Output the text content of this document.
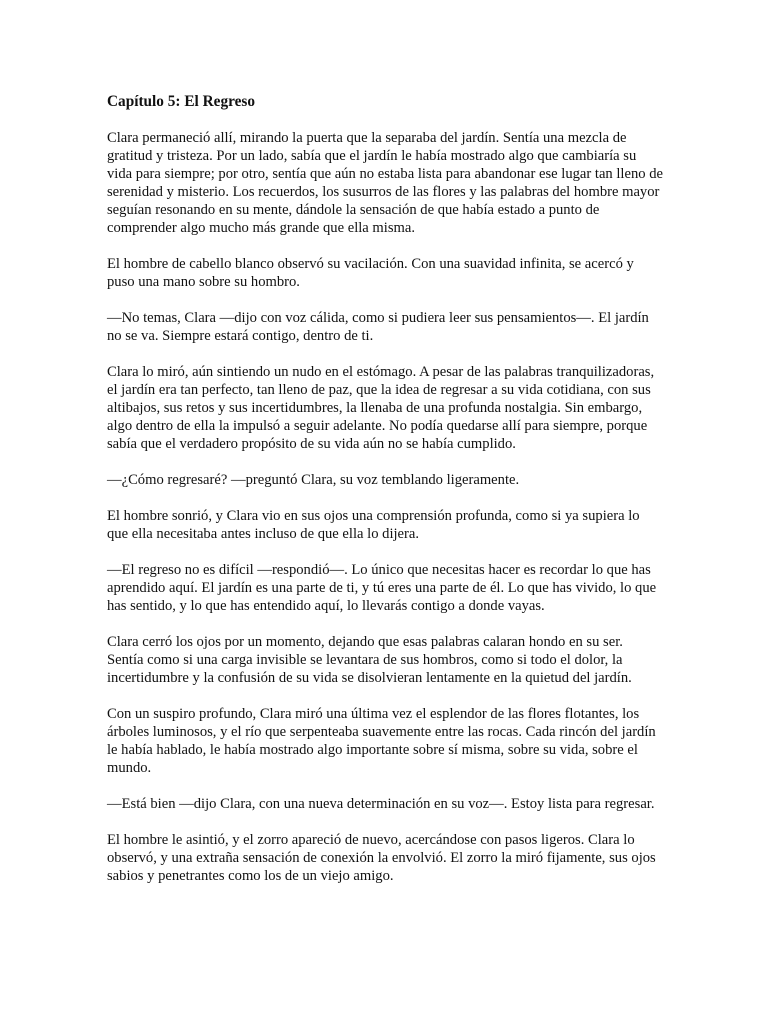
Capítulo 5: El Regreso

Clara permaneció allí, mirando la puerta que la separaba del jardín. Sentía una mezcla de gratitud y tristeza. Por un lado, sabía que el jardín le había mostrado algo que cambiaría su vida para siempre; por otro, sentía que aún no estaba lista para abandonar ese lugar tan lleno de serenidad y misterio. Los recuerdos, los susurros de las flores y las palabras del hombre mayor seguían resonando en su mente, dándole la sensación de que había estado a punto de comprender algo mucho más grande que ella misma.

El hombre de cabello blanco observó su vacilación. Con una suavidad infinita, se acercó y puso una mano sobre su hombro.

—No temas, Clara —dijo con voz cálida, como si pudiera leer sus pensamientos—. El jardín no se va. Siempre estará contigo, dentro de ti.

Clara lo miró, aún sintiendo un nudo en el estómago. A pesar de las palabras tranquilizadoras, el jardín era tan perfecto, tan lleno de paz, que la idea de regresar a su vida cotidiana, con sus altibajos, sus retos y sus incertidumbres, la llenaba de una profunda nostalgia. Sin embargo, algo dentro de ella la impulsó a seguir adelante. No podía quedarse allí para siempre, porque sabía que el verdadero propósito de su vida aún no se había cumplido.

—¿Cómo regresaré? —preguntó Clara, su voz temblando ligeramente.

El hombre sonrió, y Clara vio en sus ojos una comprensión profunda, como si ya supiera lo que ella necesitaba antes incluso de que ella lo dijera.

—El regreso no es difícil —respondió—. Lo único que necesitas hacer es recordar lo que has aprendido aquí. El jardín es una parte de ti, y tú eres una parte de él. Lo que has vivido, lo que has sentido, y lo que has entendido aquí, lo llevarás contigo a donde vayas.

Clara cerró los ojos por un momento, dejando que esas palabras calaran hondo en su ser. Sentía como si una carga invisible se levantara de sus hombros, como si todo el dolor, la incertidumbre y la confusión de su vida se disolvieran lentamente en la quietud del jardín.

Con un suspiro profundo, Clara miró una última vez el esplendor de las flores flotantes, los árboles luminosos, y el río que serpenteaba suavemente entre las rocas. Cada rincón del jardín le había hablado, le había mostrado algo importante sobre sí misma, sobre su vida, sobre el mundo.

—Está bien —dijo Clara, con una nueva determinación en su voz—. Estoy lista para regresar.

El hombre le asintió, y el zorro apareció de nuevo, acercándose con pasos ligeros. Clara lo observó, y una extraña sensación de conexión la envolvió. El zorro la miró fijamente, sus ojos sabios y penetrantes como los de un viejo amigo.
